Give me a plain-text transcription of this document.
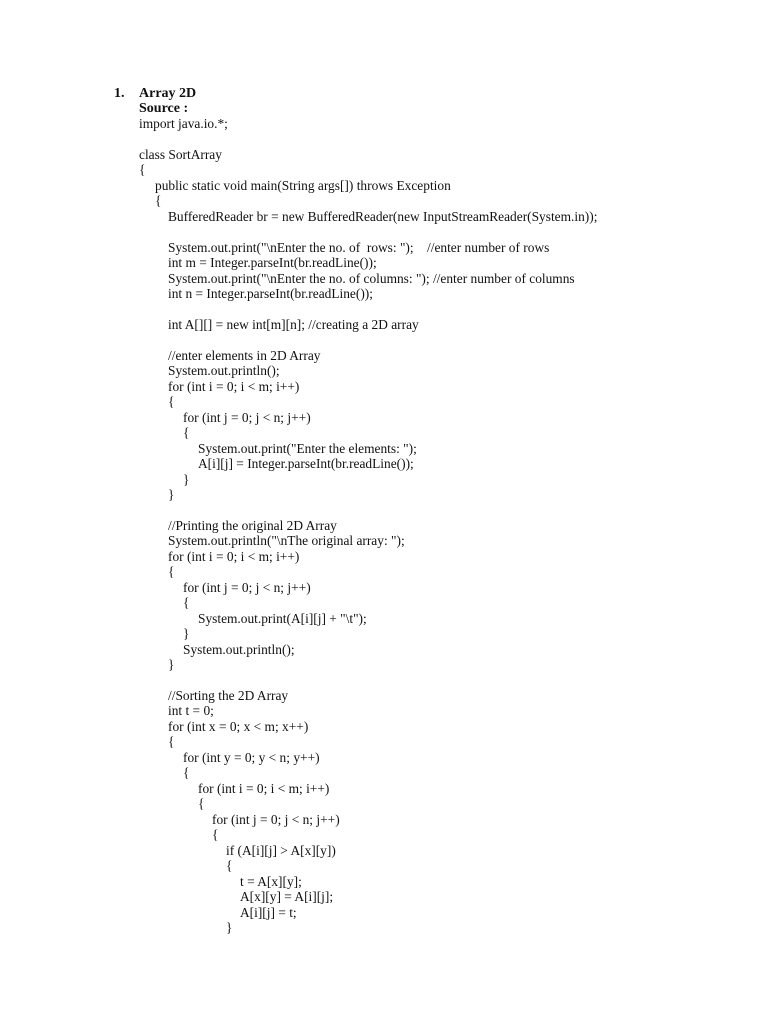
1. Array 2D
Source :
import java.io.*;
class SortArray
{
public static void main(String args[]) throws Exception
{
BufferedReader br = new BufferedReader(new InputStreamReader(System.in));
System.out.print("\nEnter the no. of  rows: ");    //enter number of rows
int m = Integer.parseInt(br.readLine());
System.out.print("\nEnter the no. of columns: "); //enter number of columns
int n = Integer.parseInt(br.readLine());
int A[][] = new int[m][n]; //creating a 2D array
//enter elements in 2D Array
System.out.println();
for (int i = 0; i < m; i++)
{
for (int j = 0; j < n; j++)
{
System.out.print("Enter the elements: ");
A[i][j] = Integer.parseInt(br.readLine());
}
}
//Printing the original 2D Array
System.out.println("\nThe original array: ");
for (int i = 0; i < m; i++)
{
for (int j = 0; j < n; j++)
{
System.out.print(A[i][j] + "\t");
}
System.out.println();
}
//Sorting the 2D Array
int t = 0;
for (int x = 0; x < m; x++)
{
for (int y = 0; y < n; y++)
{
for (int i = 0; i < m; i++)
{
for (int j = 0; j < n; j++)
{
if (A[i][j] > A[x][y])
{
t = A[x][y];
A[x][y] = A[i][j];
A[i][j] = t;
}
